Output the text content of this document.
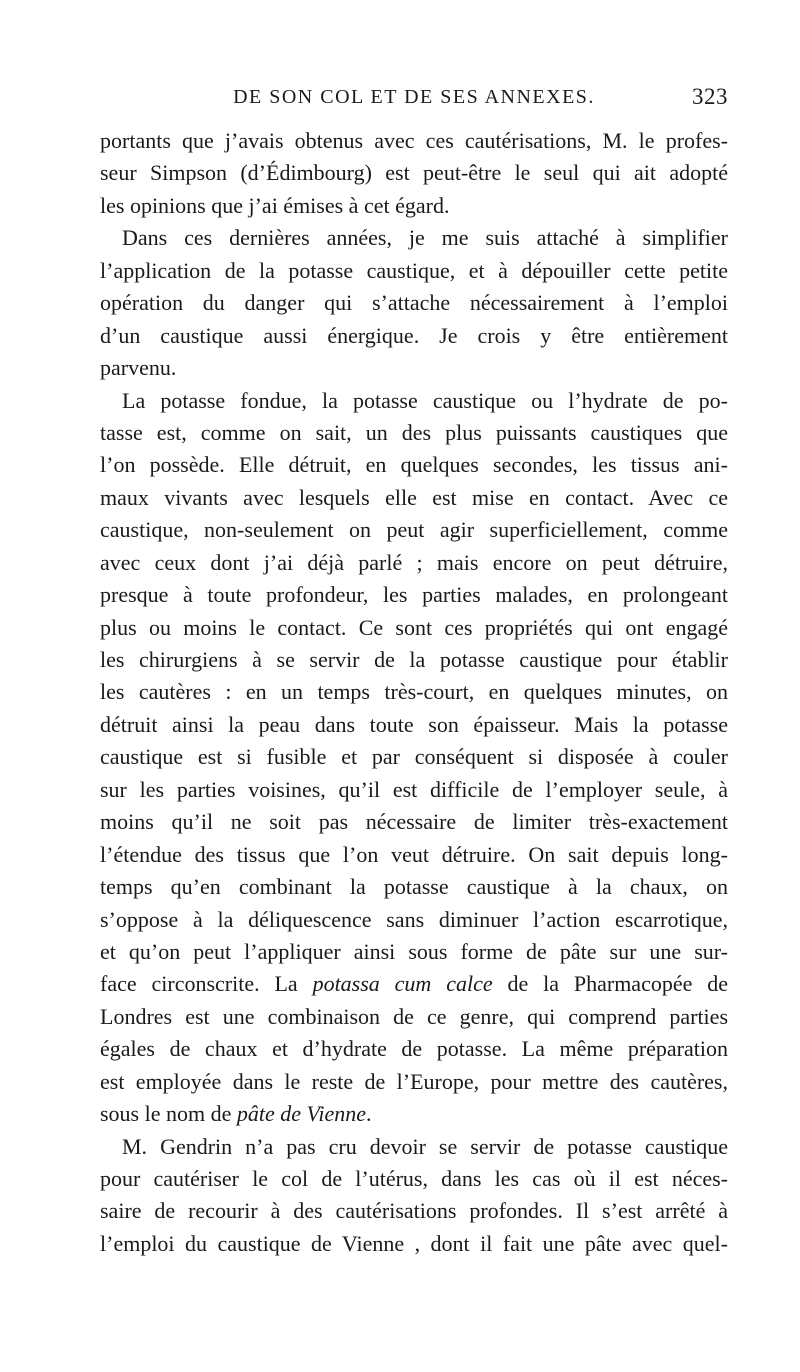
DE SON COL ET DE SES ANNEXES.	323
portants que j’avais obtenus avec ces cautérisations, M. le profes-
seur Simpson (d’Édimbourg) est peut-être le seul qui ait adopté
les opinions que j’ai émises à cet égard.
Dans ces dernières années, je me suis attaché à simplifier
l’application de la potasse caustique, et à dépouiller cette petite
opération du danger qui s’attache nécessairement à l’emploi
d’un caustique aussi énergique. Je crois y être entièrement
parvenu.
La potasse fondue, la potasse caustique ou l’hydrate de po-
tasse est, comme on sait, un des plus puissants caustiques que
l’on possède. Elle détruit, en quelques secondes, les tissus ani-
maux vivants avec lesquels elle est mise en contact. Avec ce
caustique, non-seulement on peut agir superficiellement, comme
avec ceux dont j’ai déjà parlé ; mais encore on peut détruire,
presque à toute profondeur, les parties malades, en prolongeant
plus ou moins le contact. Ce sont ces propriétés qui ont engagé
les chirurgiens à se servir de la potasse caustique pour établir
les cautères : en un temps très-court, en quelques minutes, on
détruit ainsi la peau dans toute son épaisseur. Mais la potasse
caustique est si fusible et par conséquent si disposée à couler
sur les parties voisines, qu’il est difficile de l’employer seule, à
moins qu’il ne soit pas nécessaire de limiter très-exactement
l’étendue des tissus que l’on veut détruire. On sait depuis long-
temps qu’en combinant la potasse caustique à la chaux, on
s’oppose à la déliquescence sans diminuer l’action escarrotique,
et qu’on peut l’appliquer ainsi sous forme de pâte sur une sur-
face circonscrite. La potassa cum calce de la Pharmacopée de
Londres est une combinaison de ce genre, qui comprend parties
égales de chaux et d’hydrate de potasse. La même préparation
est employée dans le reste de l’Europe, pour mettre des cautères,
sous le nom de pâte de Vienne.
M. Gendrin n’a pas cru devoir se servir de potasse caustique
pour cautériser le col de l’utérus, dans les cas où il est néces-
saire de recourir à des cautérisations profondes. Il s’est arrêté à
l’emploi du caustique de Vienne , dont il fait une pâte avec quel-
